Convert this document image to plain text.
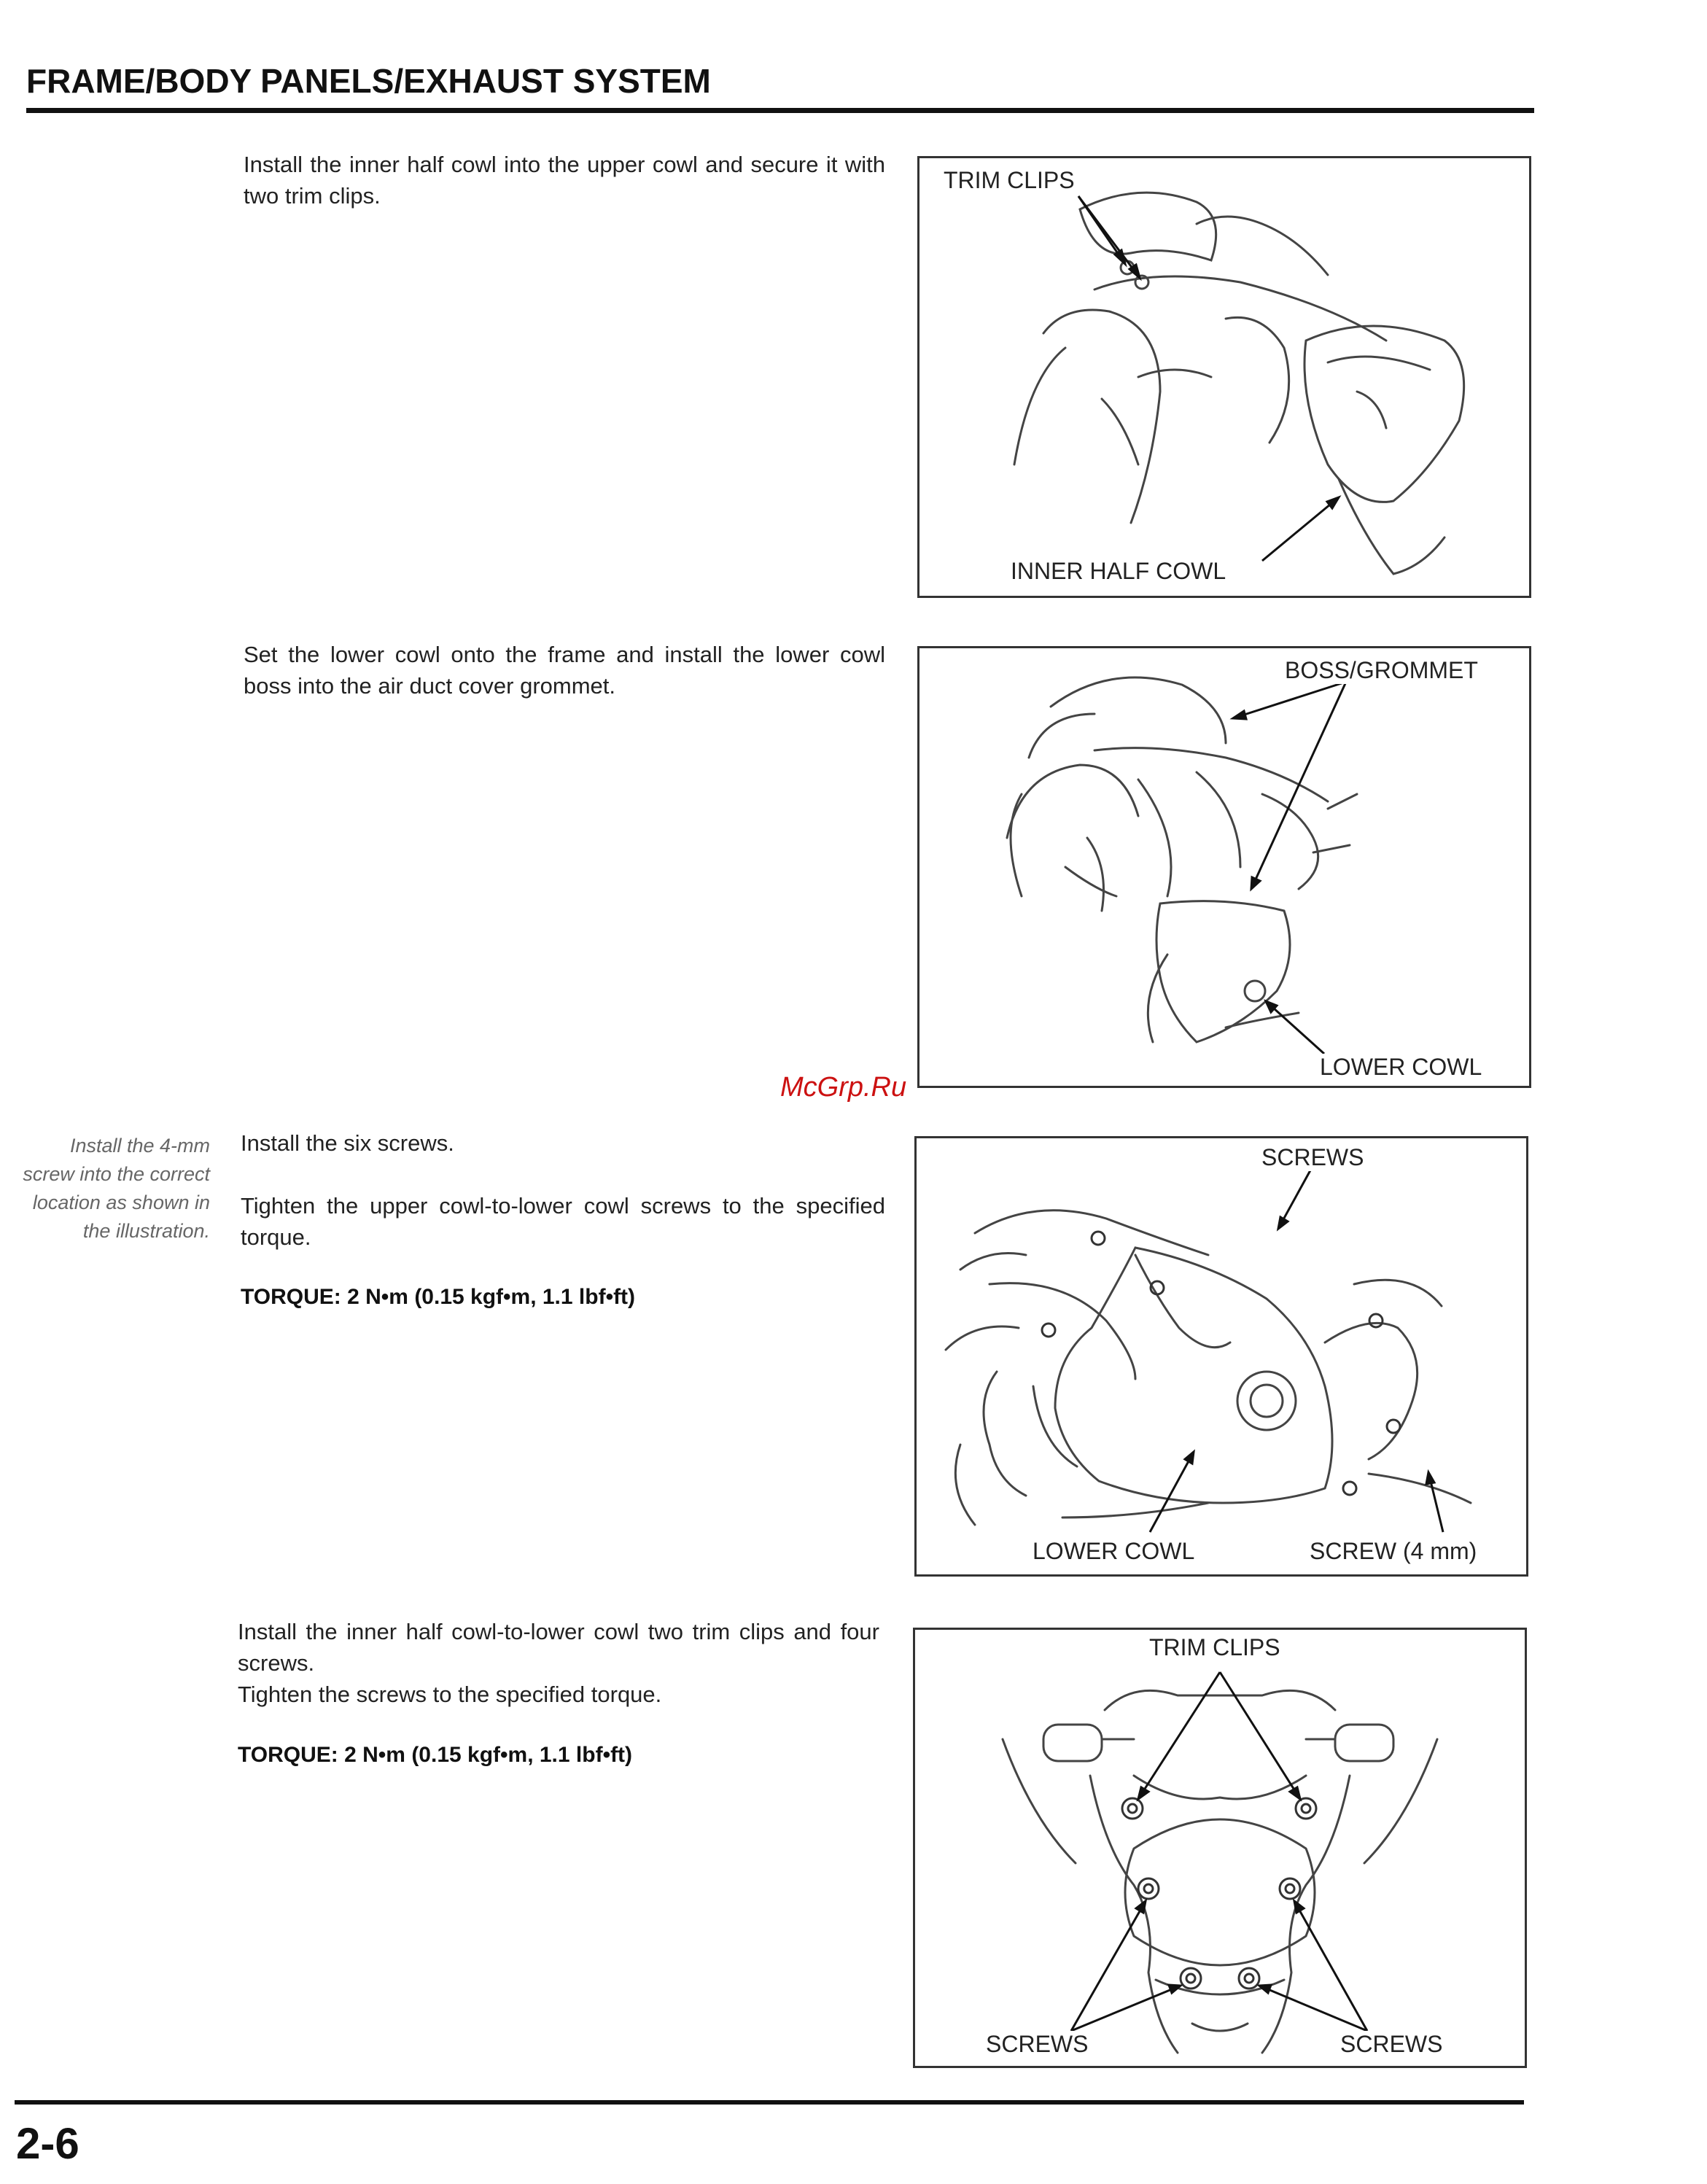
FRAME/BODY PANELS/EXHAUST SYSTEM

Install the inner half cowl into the upper cowl and secure it with two trim clips.

TRIM CLIPS
INNER HALF COWL

Set the lower cowl onto the frame and install the lower cowl boss into the air duct cover grommet.

BOSS/GROMMET
LOWER COWL
McGrp.Ru
Install the 4-mm screw into the correct location as shown in the illustration.

Install the six screws.

Tighten the upper cowl-to-lower cowl screws to the specified torque.

TORQUE: 2 N•m (0.15 kgf•m, 1.1 lbf•ft)
SCREWS
LOWER COWL	SCREW (4 mm)

Install the inner half cowl-to-lower cowl two trim clips and four screws.

Tighten the screws to the specified torque.

TORQUE: 2 N•m (0.15 kgf•m, 1.1 lbf•ft)
TRIM CLIPS
SCREWS	SCREWS
2-6
